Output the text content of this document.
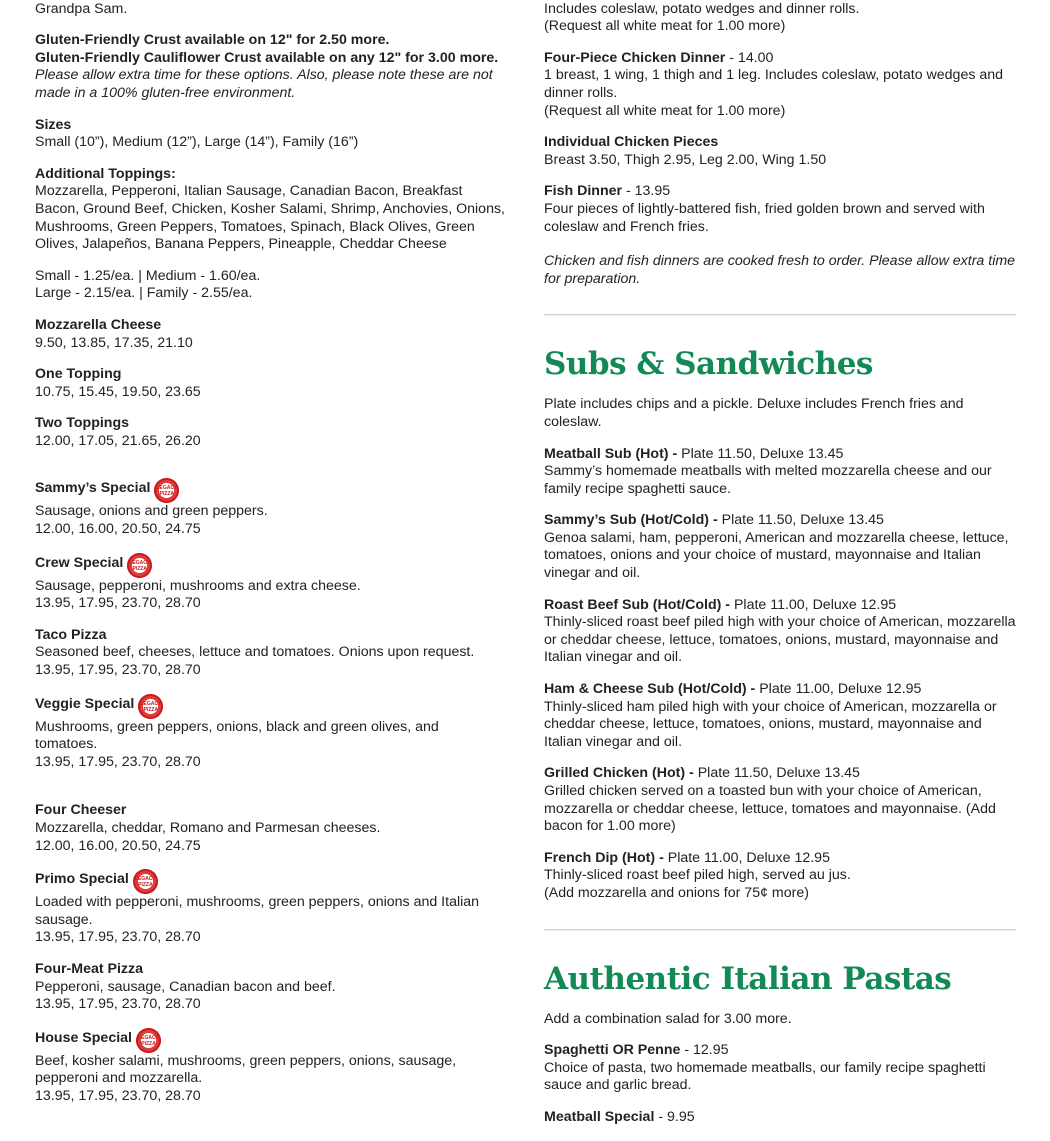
Grandpa Sam.

Gluten-Friendly Crust available on 12" for 2.50 more.

Gluten-Friendly Cauliflower Crust available on any 12" for 3.00 more.

Please allow extra time for these options. Also, please note these are not made in a 100% gluten-free environment.

Sizes

Small (10”), Medium (12”), Large (14”), Family (16”)

Additional Toppings:

Mozzarella, Pepperoni, Italian Sausage, Canadian Bacon, Breakfast Bacon, Ground Beef, Chicken, Kosher Salami, Shrimp, Anchovies, Onions, Mushrooms, Green Peppers, Tomatoes, Spinach, Black Olives, Green Olives, Jalapeños, Banana Peppers, Pineapple, Cheddar Cheese

Small - 1.25/ea. | Medium - 1.60/ea.

Large - 2.15/ea. | Family - 2.55/ea.

Mozzarella Cheese

9.50, 13.85, 17.35, 21.10

One Topping

10.75, 15.45, 19.50, 23.65

Two Toppings

12.00, 17.05, 21.65, 26.20

Sammy’s Special LEGACY
PIZZA

Sausage, onions and green peppers.

12.00, 16.00, 20.50, 24.75

Crew Special LEGACY
PIZZA

Sausage, pepperoni, mushrooms and extra cheese.

13.95, 17.95, 23.70, 28.70

Taco Pizza

Seasoned beef, cheeses, lettuce and tomatoes. Onions upon request.

13.95, 17.95, 23.70, 28.70

Veggie Special LEGACY
PIZZA

Mushrooms, green peppers, onions, black and green olives, and tomatoes.

13.95, 17.95, 23.70, 28.70

Four Cheeser

Mozzarella, cheddar, Romano and Parmesan cheeses.

12.00, 16.00, 20.50, 24.75

Primo Special LEGACY
PIZZA

Loaded with pepperoni, mushrooms, green peppers, onions and Italian sausage.

13.95, 17.95, 23.70, 28.70

Four-Meat Pizza

Pepperoni, sausage, Canadian bacon and beef.

13.95, 17.95, 23.70, 28.70

House Special LEGACY
PIZZA

Beef, kosher salami, mushrooms, green peppers, onions, sausage, pepperoni and mozzarella.

13.95, 17.95, 23.70, 28.70

Includes coleslaw, potato wedges and dinner rolls.

(Request all white meat for 1.00 more)

Four-Piece Chicken Dinner - 14.00

1 breast, 1 wing, 1 thigh and 1 leg. Includes coleslaw, potato wedges and dinner rolls.

(Request all white meat for 1.00 more)

Individual Chicken Pieces

Breast 3.50, Thigh 2.95, Leg 2.00, Wing 1.50

Fish Dinner - 13.95

Four pieces of lightly-battered fish, fried golden brown and served with coleslaw and French fries.

Chicken and fish dinners are cooked fresh to order. Please allow extra time for preparation.

Subs & Sandwiches

Plate includes chips and a pickle. Deluxe includes French fries and coleslaw.

Meatball Sub (Hot) - Plate 11.50, Deluxe 13.45

Sammy’s homemade meatballs with melted mozzarella cheese and our family recipe spaghetti sauce.

Sammy’s Sub (Hot/Cold) - Plate 11.50, Deluxe 13.45

Genoa salami, ham, pepperoni, American and mozzarella cheese, lettuce, tomatoes, onions and your choice of mustard, mayonnaise and Italian vinegar and oil.

Roast Beef Sub (Hot/Cold) - Plate 11.00, Deluxe 12.95

Thinly-sliced roast beef piled high with your choice of American, mozzarella or cheddar cheese, lettuce, tomatoes, onions, mustard, mayonnaise and Italian vinegar and oil.

Ham & Cheese Sub (Hot/Cold) - Plate 11.00, Deluxe 12.95

Thinly-sliced ham piled high with your choice of American, mozzarella or cheddar cheese, lettuce, tomatoes, onions, mustard, mayonnaise and Italian vinegar and oil.

Grilled Chicken (Hot) - Plate 11.50, Deluxe 13.45

Grilled chicken served on a toasted bun with your choice of American, mozzarella or cheddar cheese, lettuce, tomatoes and mayonnaise. (Add bacon for 1.00 more)

French Dip (Hot) - Plate 11.00, Deluxe 12.95

Thinly-sliced roast beef piled high, served au jus.

(Add mozzarella and onions for 75¢ more)

Authentic Italian Pastas

Add a combination salad for 3.00 more.

Spaghetti OR Penne - 12.95

Choice of pasta, two homemade meatballs, our family recipe spaghetti sauce and garlic bread.

Meatball Special - 9.95
